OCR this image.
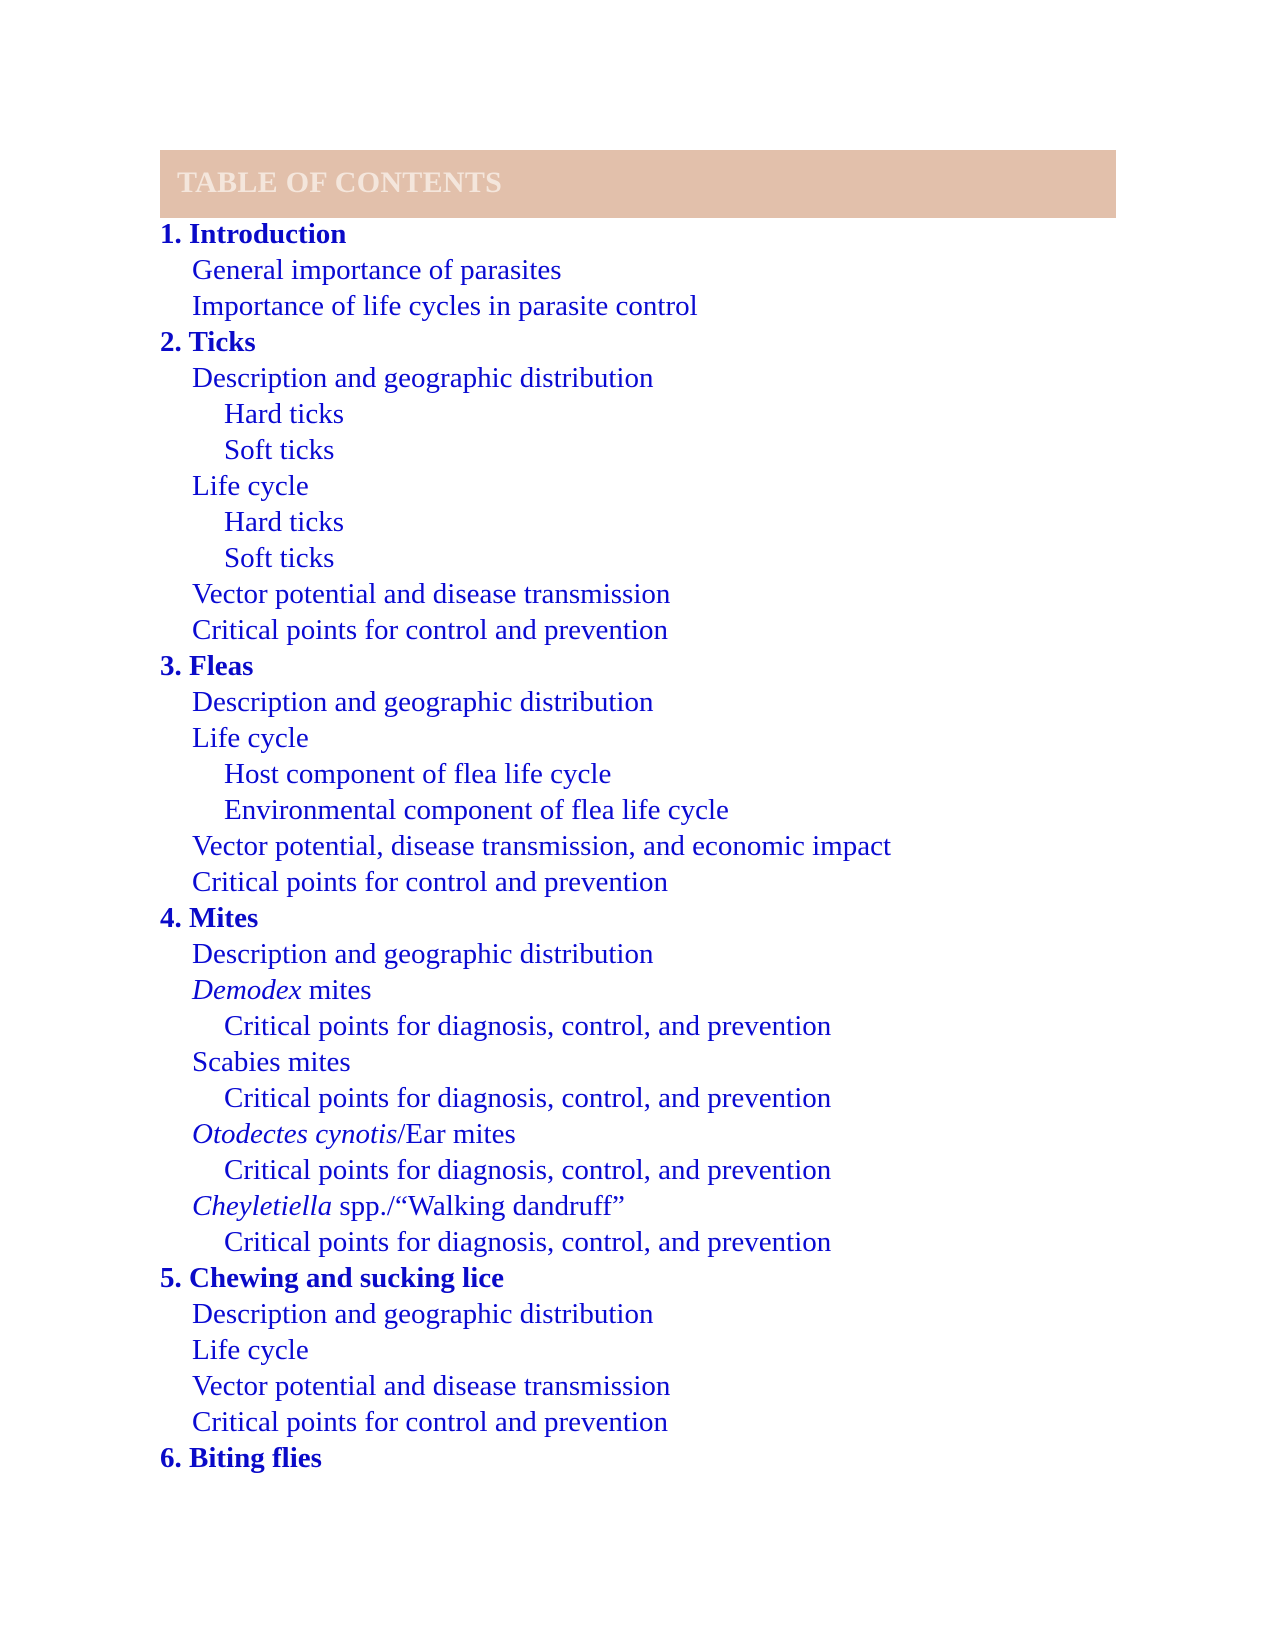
TABLE OF CONTENTS
1. Introduction
General importance of parasites
Importance of life cycles in parasite control
2. Ticks
Description and geographic distribution
Hard ticks
Soft ticks
Life cycle
Hard ticks
Soft ticks
Vector potential and disease transmission
Critical points for control and prevention
3. Fleas
Description and geographic distribution
Life cycle
Host component of flea life cycle
Environmental component of flea life cycle
Vector potential, disease transmission, and economic impact
Critical points for control and prevention
4. Mites
Description and geographic distribution
Demodex mites
Critical points for diagnosis, control, and prevention
Scabies mites
Critical points for diagnosis, control, and prevention
Otodectes cynotis/Ear mites
Critical points for diagnosis, control, and prevention
Cheyletiella spp./“Walking dandruff”
Critical points for diagnosis, control, and prevention
5. Chewing and sucking lice
Description and geographic distribution
Life cycle
Vector potential and disease transmission
Critical points for control and prevention
6. Biting flies
